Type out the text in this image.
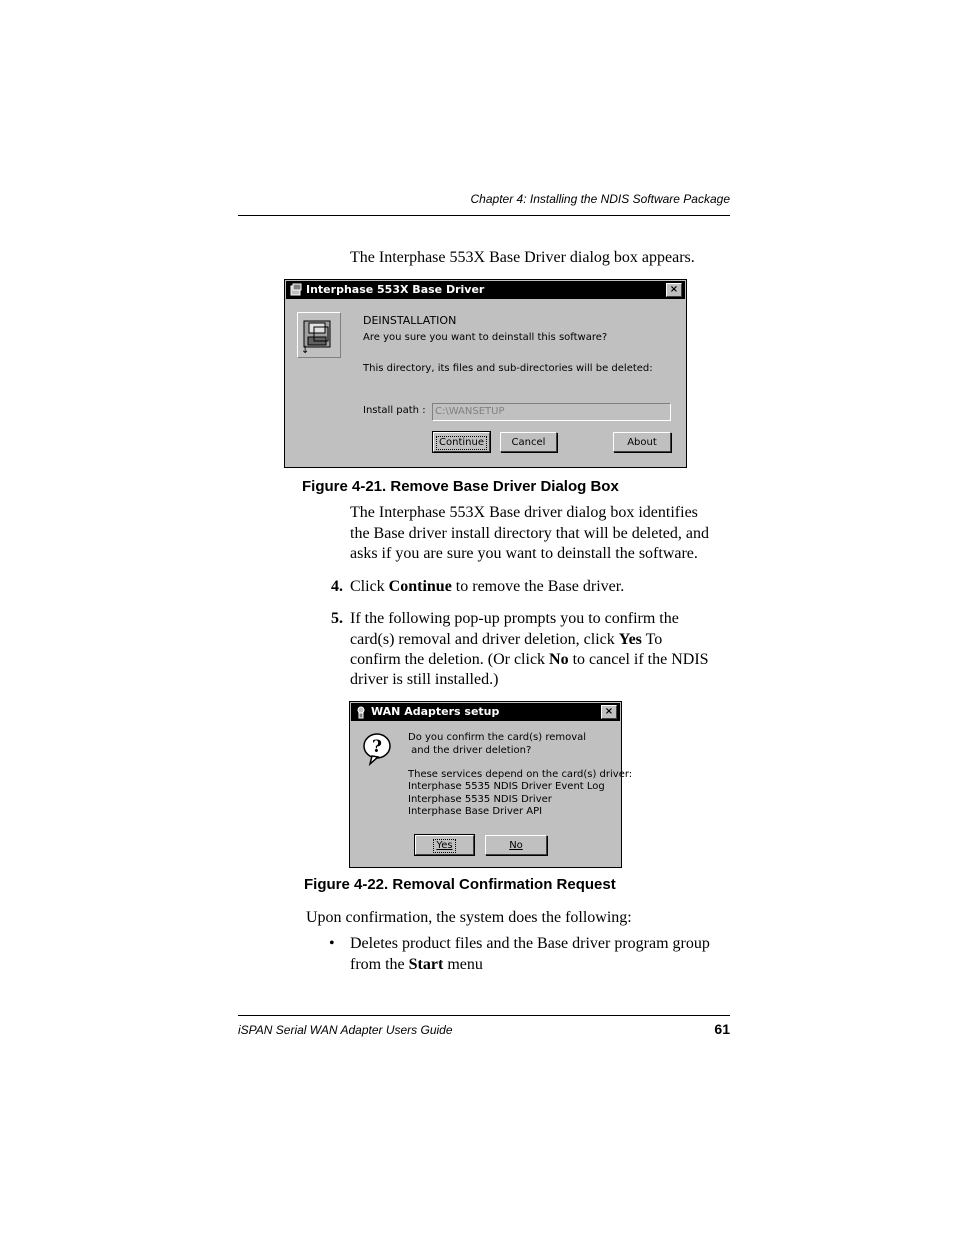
Chapter 4: Installing the NDIS Software Package
The Interphase 553X Base Driver dialog box appears.
Interphase 553X Base Driver	×
↓
DEINSTALLATION
Are you sure you want to deinstall this software?
This directory, its files and sub-directories will be deleted:
Install path : C:\WANSETUP
Continue	Cancel	About
Figure 4-21. Remove Base Driver Dialog Box
The Interphase 553X Base driver dialog box identifies
the Base driver install directory that will be deleted, and
asks if you are sure you want to deinstall the software.
4. Click Continue to remove the Base driver.
5. If the following pop-up prompts you to confirm the
card(s) removal and driver deletion, click Yes To
confirm the deletion. (Or click No to cancel if the NDIS
driver is still installed.)
WAN Adapters setup	×
?	Do you confirm the card(s) removal
and the driver deletion?
These services depend on the card(s) driver:
Interphase 5535 NDIS Driver Event Log
Interphase 5535 NDIS Driver
Interphase Base Driver API
Yes	No
Figure 4-22. Removal Confirmation Request
Upon confirmation, the system does the following:
• Deletes product files and the Base driver program group
from the Start menu
iSPAN Serial WAN Adapter Users Guide	61
